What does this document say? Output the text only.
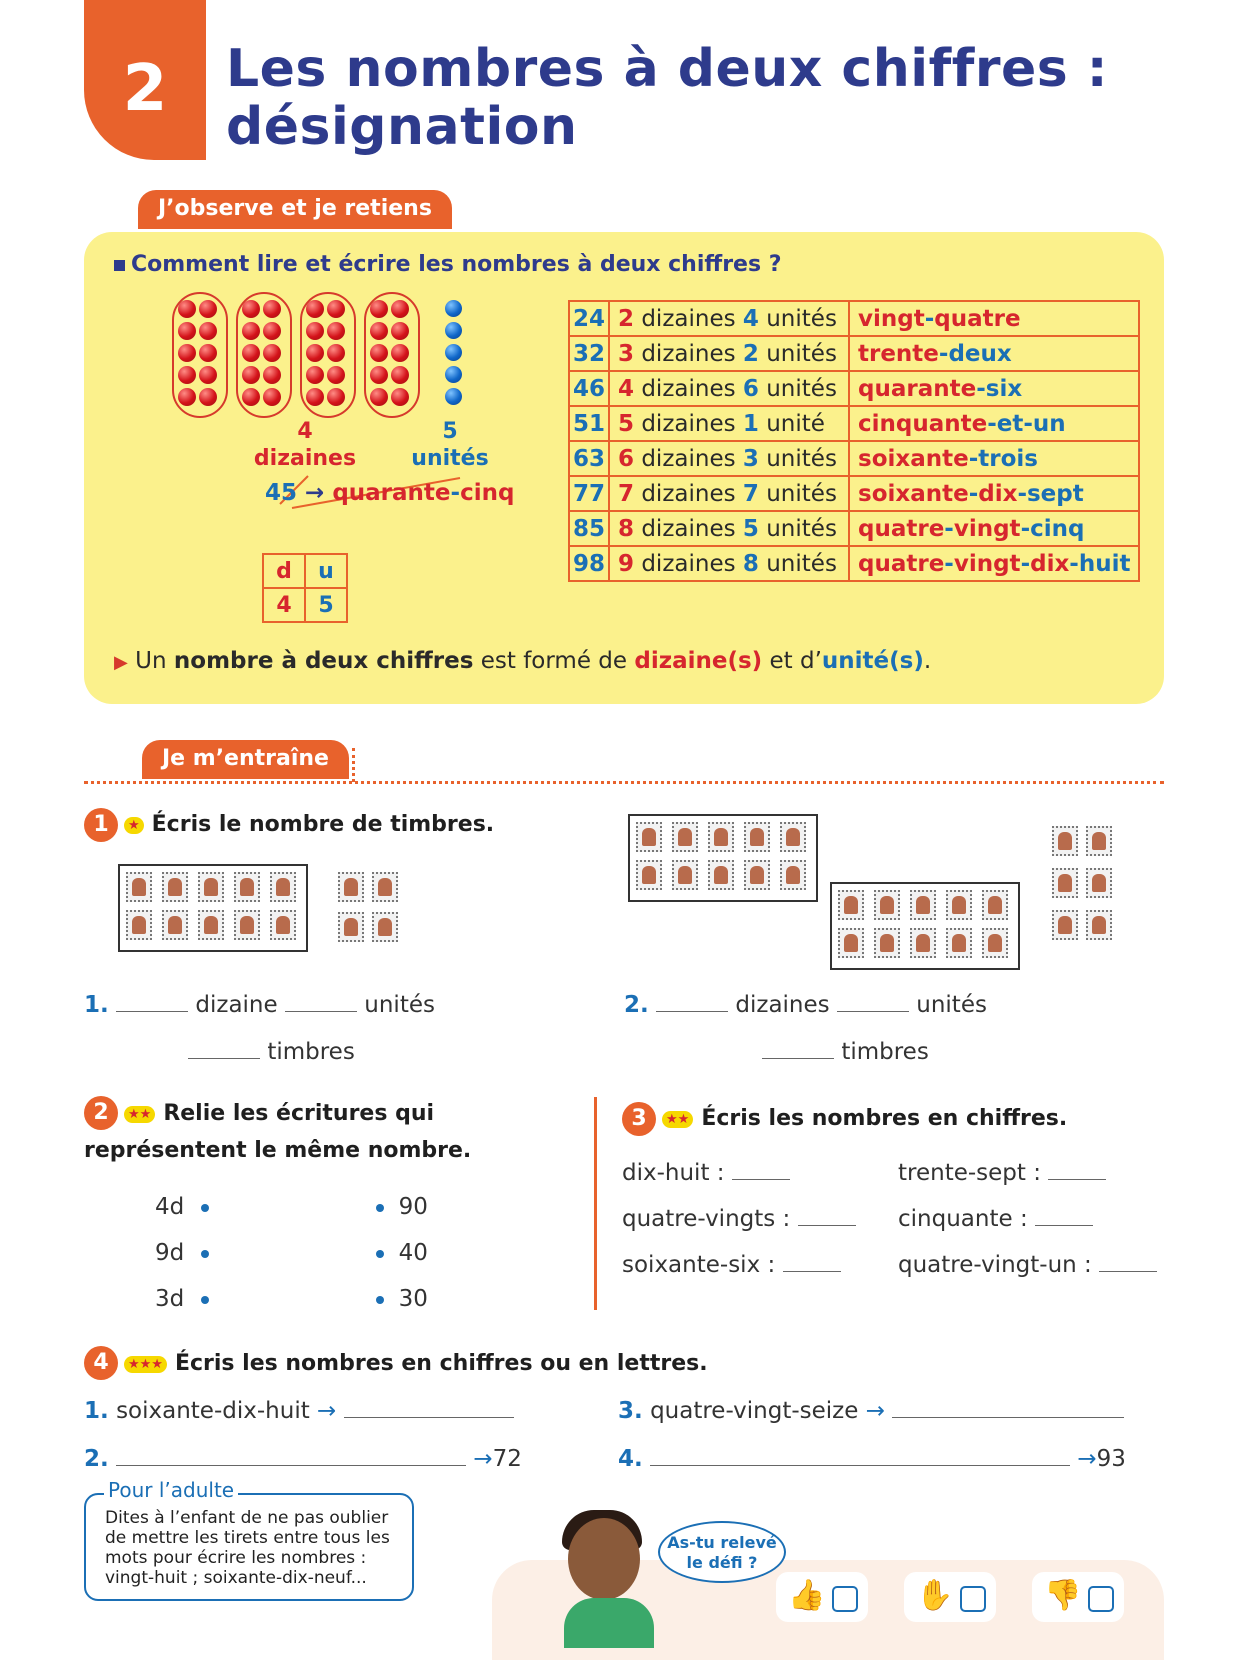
2	Les nombres à deux chiffres :
désignation
J’observe et je retiens
Comment lire et écrire les nombres à deux chiffres ?
4
dizaines
5
unités
45 → quarante-cinq
d	u
4	5
24	2 dizaines 4 unités	vingt-quatre
32	3 dizaines 2 unités	trente-deux
46	4 dizaines 6 unités	quarante-six
51	5 dizaines 1 unité	cinquante-et-un
63	6 dizaines 3 unités	soixante-trois
77	7 dizaines 7 unités	soixante-dix-sept
85	8 dizaines 5 unités	quatre-vingt-cinq
98	9 dizaines 8 unités	quatre-vingt-dix-huit
▶ Un nombre à deux chiffres est formé de dizaine(s) et d’unité(s).
Je m’entraîne
1	★ Écris le nombre de timbres.
1.	dizaine	unités
timbres
2.	dizaines	unités
timbres
2	★★ Relie les écritures qui
représentent le même nombre.
4d
9d
3d
90
40
30
3	★★ Écris les nombres en chiffres.
dix-huit :
quatre-vingts :
soixante-six :
trente-sept :
cinquante :
quatre-vingt-un :
4	★★★ Écris les nombres en chiffres ou en lettres.
1. soixante-dix-huit →
2.	→72
3. quatre-vingt-seize →
4.	→93
Pour l’adulte
Dites à l’enfant de ne pas oublier de mettre les tirets entre tous les mots pour écrire les nombres : vingt-huit ; soixante-dix-neuf...
As-tu relevé
le défi ?
👍	✋	👎
